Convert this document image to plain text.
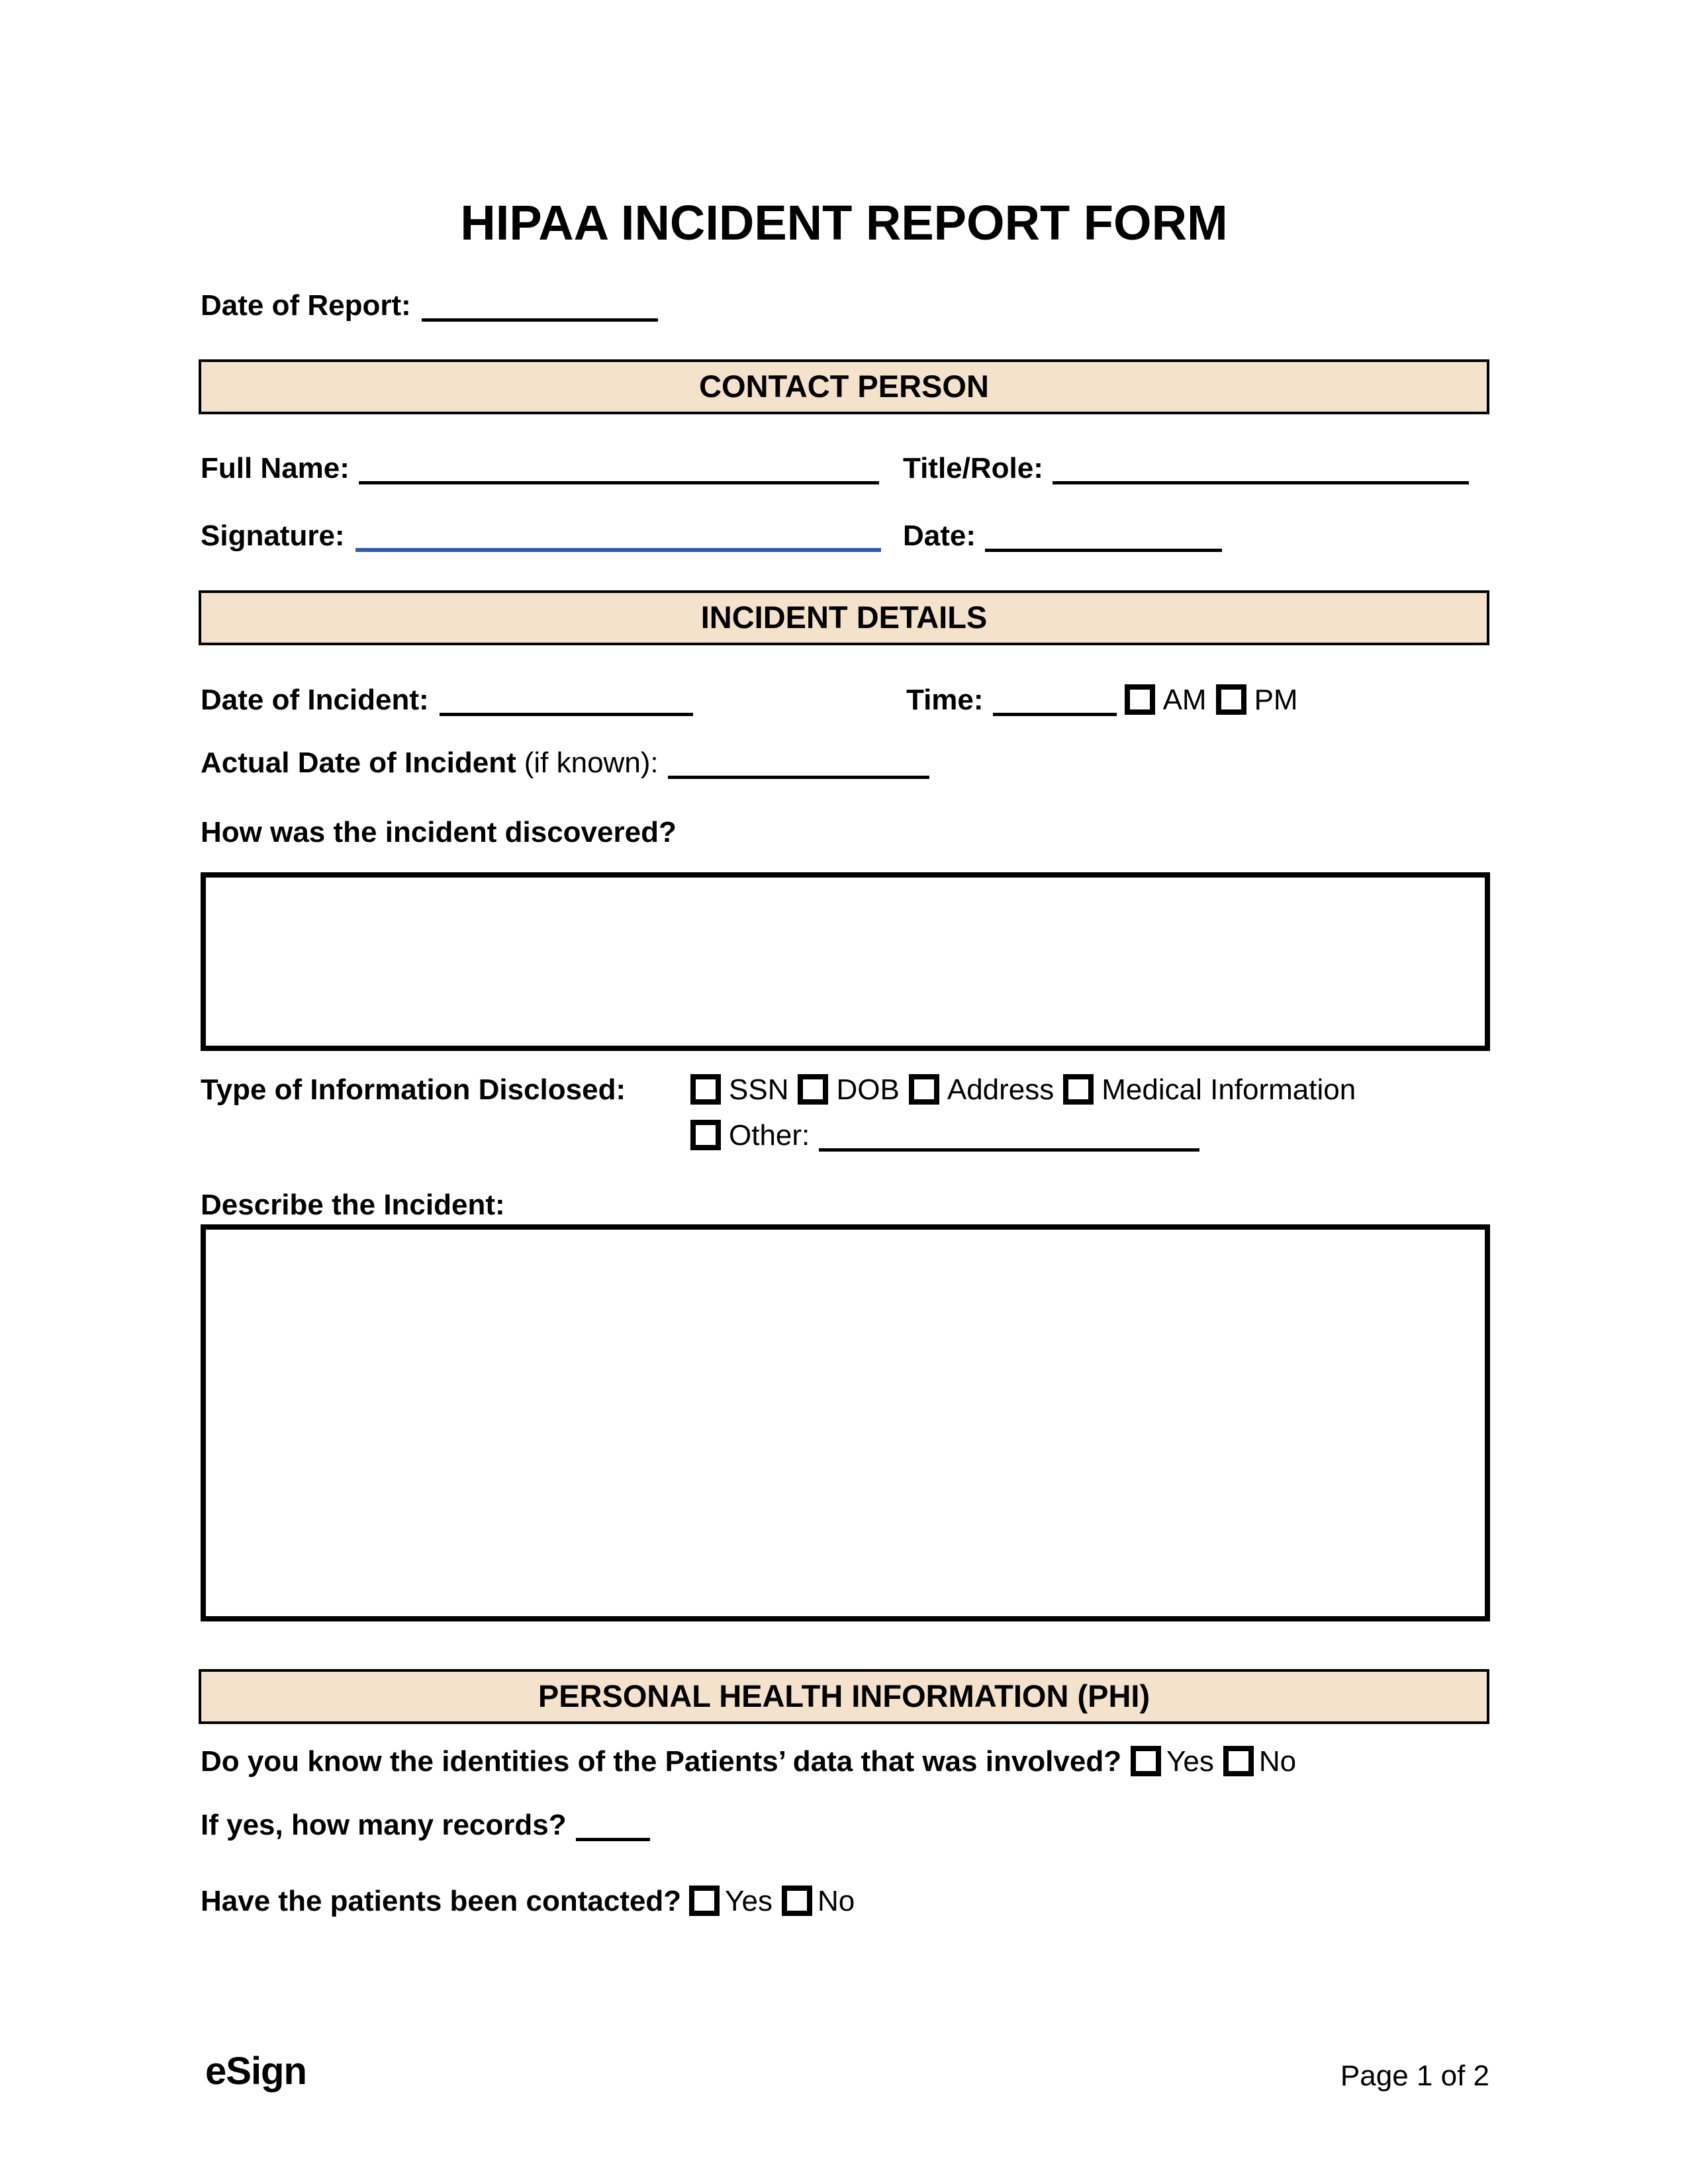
HIPAA INCIDENT REPORT FORM
Date of Report:
CONTACT PERSON
Full Name:	Title/Role:
Signature:	Date:
INCIDENT DETAILS
Date of Incident:	Time:	AM PM
Actual Date of Incident (if known):
How was the incident discovered?
Type of Information Disclosed:	SSN DOB Address Medical Information
Other:
Describe the Incident:
PERSONAL HEALTH INFORMATION (PHI)
Do you know the identities of the Patients’ data that was involved? Yes No
If yes, how many records?
Have the patients been contacted? Yes No
eSign	Page 1 of 2
